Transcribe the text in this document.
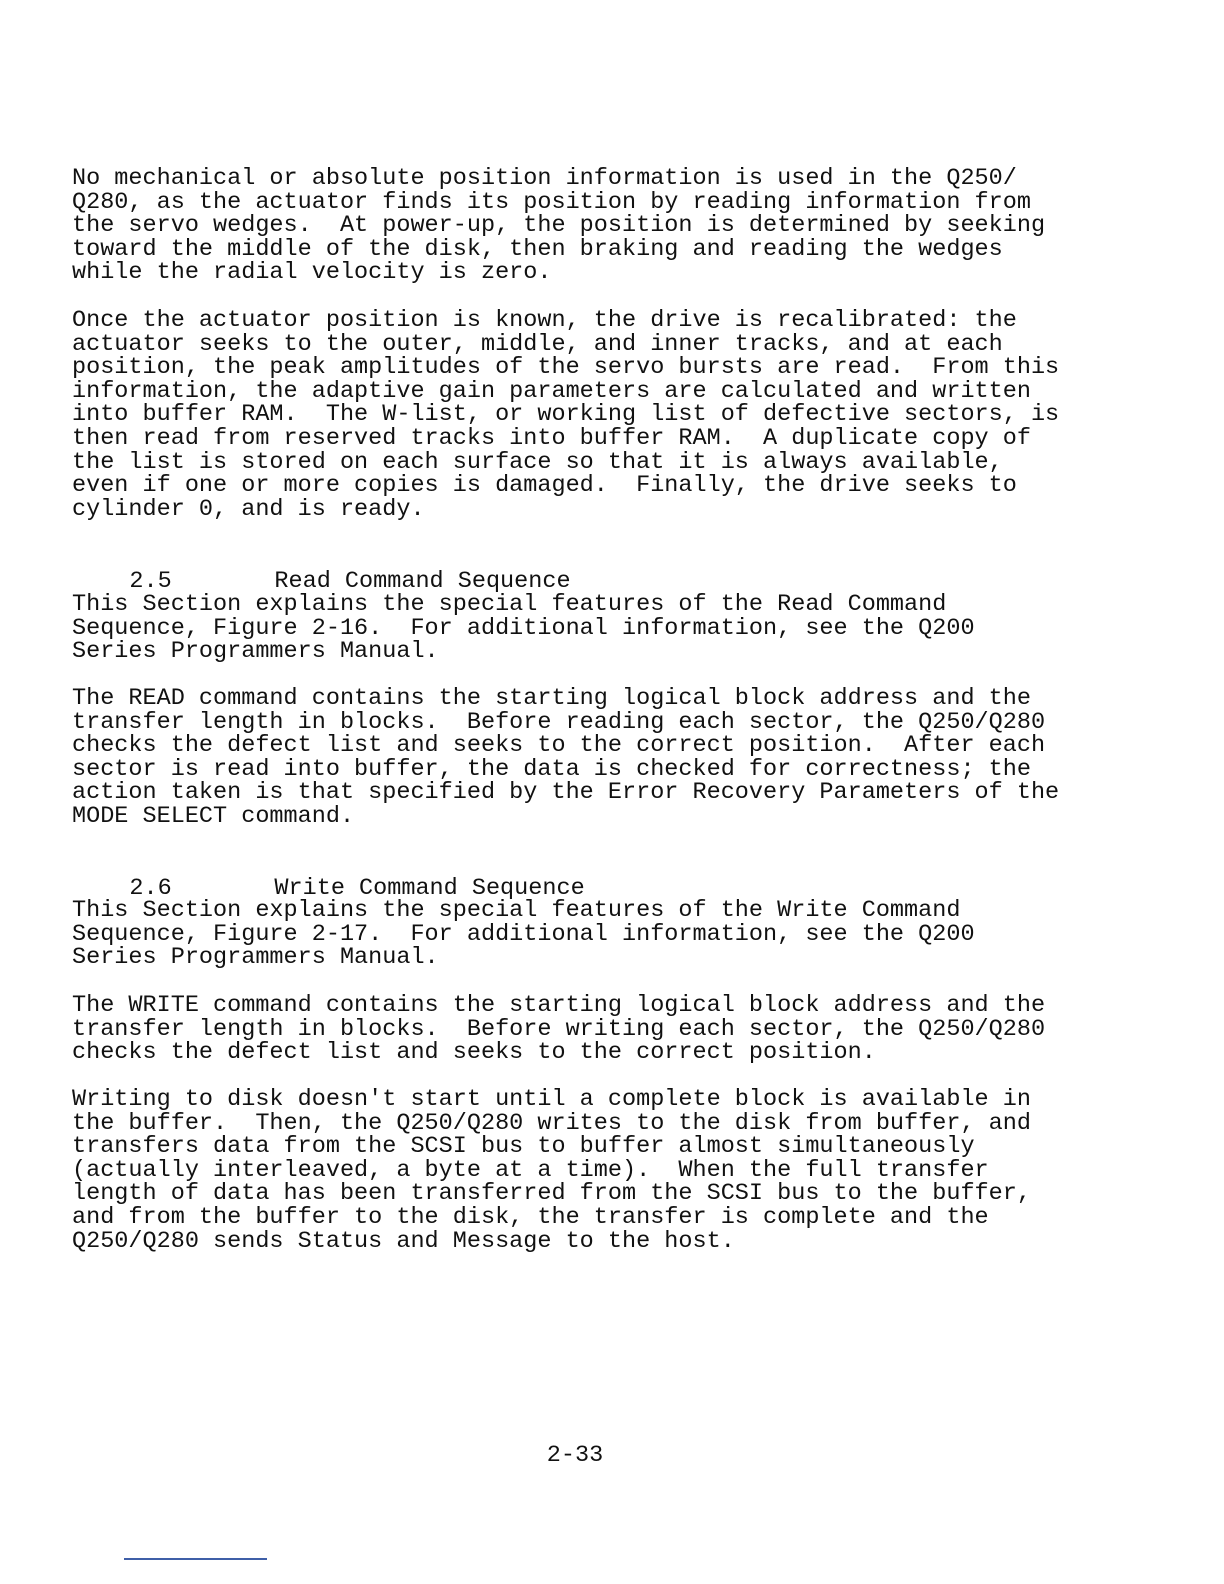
No mechanical or absolute position information is used in the Q250/
Q280, as the actuator finds its position by reading information from
the servo wedges.  At power-up, the position is determined by seeking
toward the middle of the disk, then braking and reading the wedges
while the radial velocity is zero.

Once the actuator position is known, the drive is recalibrated: the
actuator seeks to the outer, middle, and inner tracks, and at each
position, the peak amplitudes of the servo bursts are read.  From this
information, the adaptive gain parameters are calculated and written
into buffer RAM.  The W-list, or working list of defective sectors, is
then read from reserved tracks into buffer RAM.  A duplicate copy of
the list is stored on each surface so that it is always available,
even if one or more copies is damaged.  Finally, the drive seeks to
cylinder 0, and is ready.

2.5	Read Command Sequence

This Section explains the special features of the Read Command
Sequence, Figure 2-16.  For additional information, see the Q200
Series Programmers Manual.

The READ command contains the starting logical block address and the
transfer length in blocks.  Before reading each sector, the Q250/Q280
checks the defect list and seeks to the correct position.  After each
sector is read into buffer, the data is checked for correctness; the
action taken is that specified by the Error Recovery Parameters of the
MODE SELECT command.

2.6	Write Command Sequence

This Section explains the special features of the Write Command
Sequence, Figure 2-17.  For additional information, see the Q200
Series Programmers Manual.

The WRITE command contains the starting logical block address and the
transfer length in blocks.  Before writing each sector, the Q250/Q280
checks the defect list and seeks to the correct position.

Writing to disk doesn't start until a complete block is available in
the buffer.  Then, the Q250/Q280 writes to the disk from buffer, and
transfers data from the SCSI bus to buffer almost simultaneously
(actually interleaved, a byte at a time).  When the full transfer
length of data has been transferred from the SCSI bus to the buffer,
and from the buffer to the disk, the transfer is complete and the
Q250/Q280 sends Status and Message to the host.

2-33
